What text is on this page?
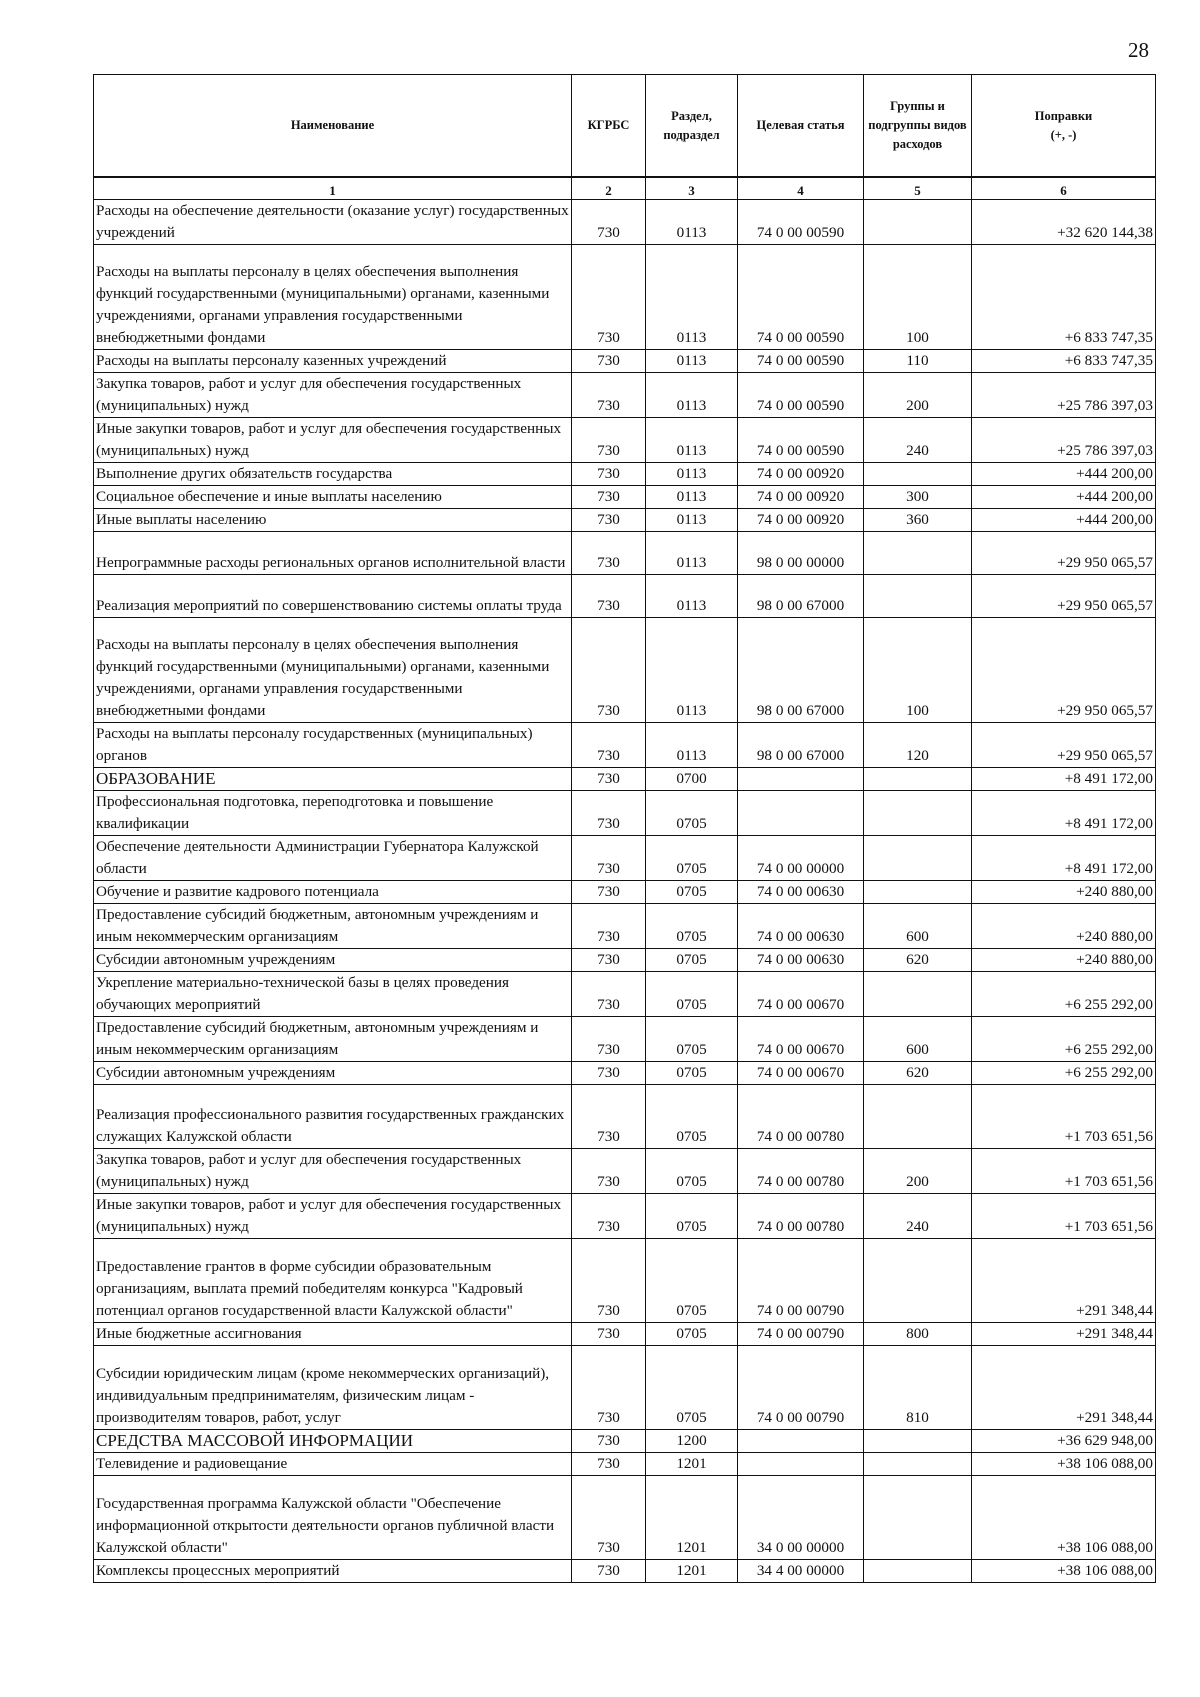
28
Наименование	КГРБС	Раздел, подраздел	Целевая статья	Группы и подгруппы видов расходов	Поправки
(+, -)
1	2	3	4	5	6
Расходы на обеспечение деятельности (оказание услуг) государственных учреждений	730	0113	74 0 00 00590		+32 620 144,38
Расходы на выплаты персоналу в целях обеспечения выполнения функций государственными (муниципальными) органами, казенными учреждениями, органами управления государственными внебюджетными фондами	730	0113	74 0 00 00590	100	+6 833 747,35
Расходы на выплаты персоналу казенных учреждений	730	0113	74 0 00 00590	110	+6 833 747,35
Закупка товаров, работ и услуг для обеспечения государственных (муниципальных) нужд	730	0113	74 0 00 00590	200	+25 786 397,03
Иные закупки товаров, работ и услуг для обеспечения государственных (муниципальных) нужд	730	0113	74 0 00 00590	240	+25 786 397,03
Выполнение других обязательств государства	730	0113	74 0 00 00920		+444 200,00
Социальное обеспечение и иные выплаты населению	730	0113	74 0 00 00920	300	+444 200,00
Иные выплаты населению	730	0113	74 0 00 00920	360	+444 200,00
Непрограммные расходы региональных органов исполнительной власти	730	0113	98 0 00 00000		+29 950 065,57
Реализация мероприятий по совершенствованию системы оплаты труда	730	0113	98 0 00 67000		+29 950 065,57
Расходы на выплаты персоналу в целях обеспечения выполнения функций государственными (муниципальными) органами, казенными учреждениями, органами управления государственными внебюджетными фондами	730	0113	98 0 00 67000	100	+29 950 065,57
Расходы на выплаты персоналу государственных (муниципальных) органов	730	0113	98 0 00 67000	120	+29 950 065,57
ОБРАЗОВАНИЕ	730	0700			+8 491 172,00
Профессиональная подготовка, переподготовка и повышение квалификации	730	0705			+8 491 172,00
Обеспечение деятельности Администрации Губернатора Калужской области	730	0705	74 0 00 00000		+8 491 172,00
Обучение и развитие кадрового потенциала	730	0705	74 0 00 00630		+240 880,00
Предоставление субсидий бюджетным, автономным учреждениям и иным некоммерческим организациям	730	0705	74 0 00 00630	600	+240 880,00
Субсидии автономным учреждениям	730	0705	74 0 00 00630	620	+240 880,00
Укрепление материально-технической базы в целях проведения обучающих мероприятий	730	0705	74 0 00 00670		+6 255 292,00
Предоставление субсидий бюджетным, автономным учреждениям и иным некоммерческим организациям	730	0705	74 0 00 00670	600	+6 255 292,00
Субсидии автономным учреждениям	730	0705	74 0 00 00670	620	+6 255 292,00
Реализация профессионального развития государственных гражданских служащих Калужской области	730	0705	74 0 00 00780		+1 703 651,56
Закупка товаров, работ и услуг для обеспечения государственных (муниципальных) нужд	730	0705	74 0 00 00780	200	+1 703 651,56
Иные закупки товаров, работ и услуг для обеспечения государственных (муниципальных) нужд	730	0705	74 0 00 00780	240	+1 703 651,56
Предоставление грантов в форме субсидии образовательным организациям, выплата премий победителям конкурса "Кадровый потенциал органов государственной власти Калужской области"	730	0705	74 0 00 00790		+291 348,44
Иные бюджетные ассигнования	730	0705	74 0 00 00790	800	+291 348,44
Субсидии юридическим лицам (кроме некоммерческих организаций), индивидуальным предпринимателям, физическим лицам - производителям товаров, работ, услуг	730	0705	74 0 00 00790	810	+291 348,44
СРЕДСТВА МАССОВОЙ ИНФОРМАЦИИ	730	1200			+36 629 948,00
Телевидение и радиовещание	730	1201			+38 106 088,00
Государственная программа Калужской области "Обеспечение информационной открытости деятельности органов публичной власти Калужской области"	730	1201	34 0 00 00000		+38 106 088,00
Комплексы процессных мероприятий	730	1201	34 4 00 00000		+38 106 088,00
